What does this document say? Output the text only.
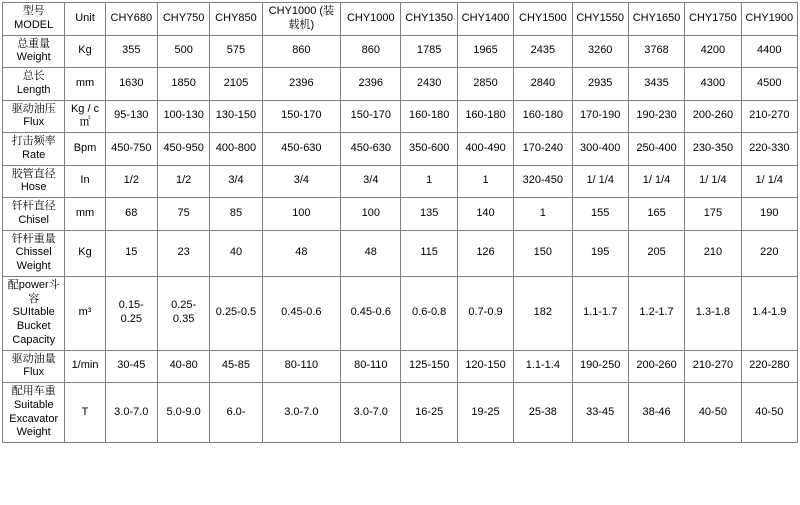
型号MODEL	Unit	CHY680	CHY750	CHY850	CHY1000 (装载机)	CHY1000	CHY1350	CHY1400	CHY1500	CHY1550	CHY1650	CHY1750	CHY1900
总重量 Weight	Kg	355	500	575	860	860	1785	1965	2435	3260	3768	4200	4400
总长 Length	mm	1630	1850	2105	2396	2396	2430	2850	2840	2935	3435	4300	4500
驱动油压 Flux	Kg / c㎡	95-130	100-130	130-150	150-170	150-170	160-180	160-180	160-180	170-190	190-230	200-260	210-270
打击频率 Rate	Bpm	450-750	450-950	400-800	450-630	450-630	350-600	400-490	170-240	300-400	250-400	230-350	220-330
胶管直径 Hose	In	1/2	1/2	3/4	3/4	3/4	1	1	320-450	1/ 1/4	1/ 1/4	1/ 1/4	1/ 1/4
钎杆直径 Chisel	mm	68	75	85	100	100	135	140	1	155	165	175	190
钎杆重量 Chissel Weight	Kg	15	23	40	48	48	115	126	150	195	205	210	220
配power斗容 SUItable Bucket Capacity	m³	0.15-0.25	0.25-0.35	0.25-0.5	0.45-0.6	0.45-0.6	0.6-0.8	0.7-0.9	182	1.1-1.7	1.2-1.7	1.3-1.8	1.4-1.9
驱动油量 Flux	1/min	30-45	40-80	45-85	80-110	80-110	125-150	120-150	1.1-1.4	190-250	200-260	210-270	220-280
配用车重 Suitable Excavator Weight	T	3.0-7.0	5.0-9.0	6.0-	3.0-7.0	3.0-7.0	16-25	19-25	25-38	33-45	38-46	40-50	40-50
